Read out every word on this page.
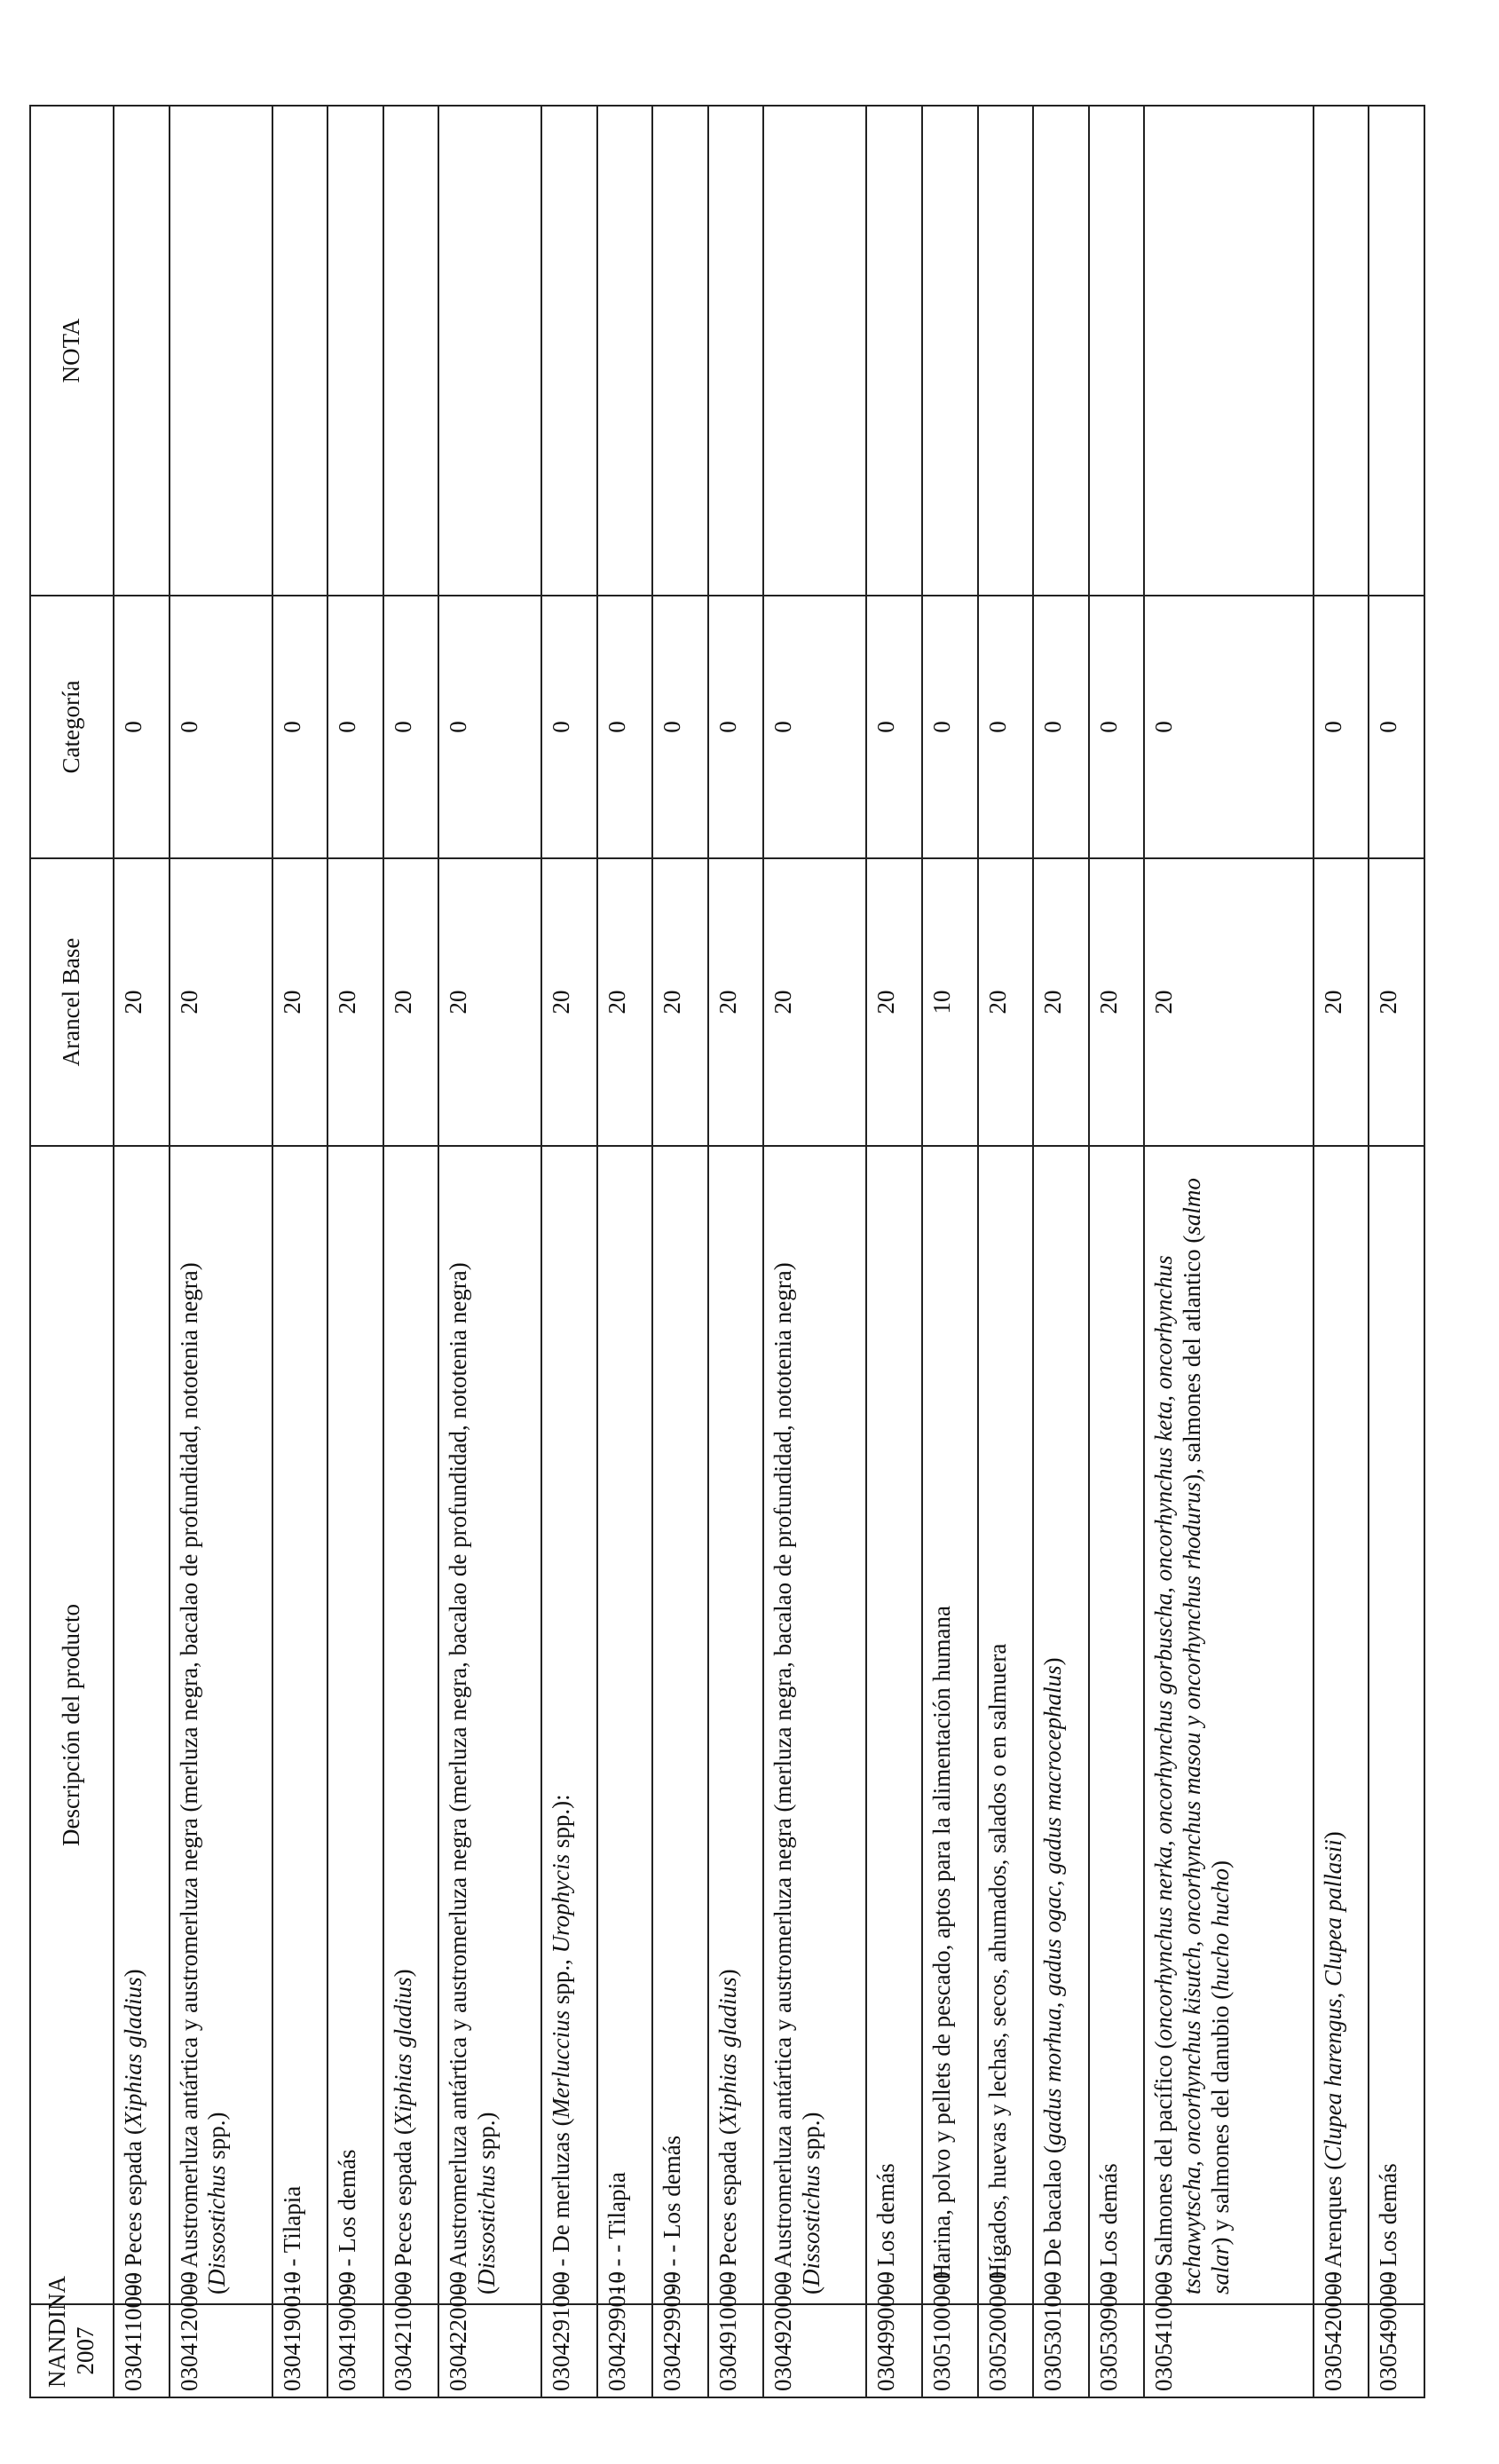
NANDINA 2007	Descripción del producto	Arancel Base	Categoría	NOTA
0304110000	- - Peces espada (Xiphias gladius)	20	0	
0304120000	- - Austromerluza antártica y austromerluza negra (merluza negra, bacalao de profundidad, nototenia negra) (Dissostichus spp.)	20	0	
0304190010	- - - Tilapia	20	0	
0304190090	- - - Los demás	20	0	
0304210000	- - Peces espada (Xiphias gladius)	20	0	
0304220000	- - Austromerluza antártica y austromerluza negra (merluza negra, bacalao de profundidad, nototenia negra) (Dissostichus spp.)	20	0	
0304291000	- - - De merluzas (Merluccius spp., Urophycis spp.):	20	0	
0304299010	- - - - Tilapia	20	0	
0304299090	- - - - Los demás	20	0	
0304910000	- - Peces espada (Xiphias gladius)	20	0	
0304920000	- - Austromerluza antártica y austromerluza negra (merluza negra, bacalao de profundidad, nototenia negra) (Dissostichus spp.)	20	0	
0304990000	- - Los demás	20	0	
0305100000	- Harina, polvo y pellets de pescado, aptos para la alimentación humana	10	0	
0305200000	- Hígados, huevas y lechas, secos, ahumados, salados o en salmuera	20	0	
0305301000	- - De bacalao (gadus morhua, gadus ogac, gadus macrocephalus)	20	0	
0305309000	- - Los demás	20	0	
0305410000	- - Salmones del pacífico (oncorhynchus nerka, oncorhynchus gorbuscha, oncorhynchus keta, oncorhynchus tschawytscha, oncorhynchus kisutch, oncorhynchus masou y oncorhynchus rhodurus), salmones del atlantico (salmo salar) y salmones del danubio (hucho hucho)	20	0	
0305420000	- - Arenques (Clupea harengus, Clupea pallasii)	20	0	
0305490000	- - Los demás	20	0	
